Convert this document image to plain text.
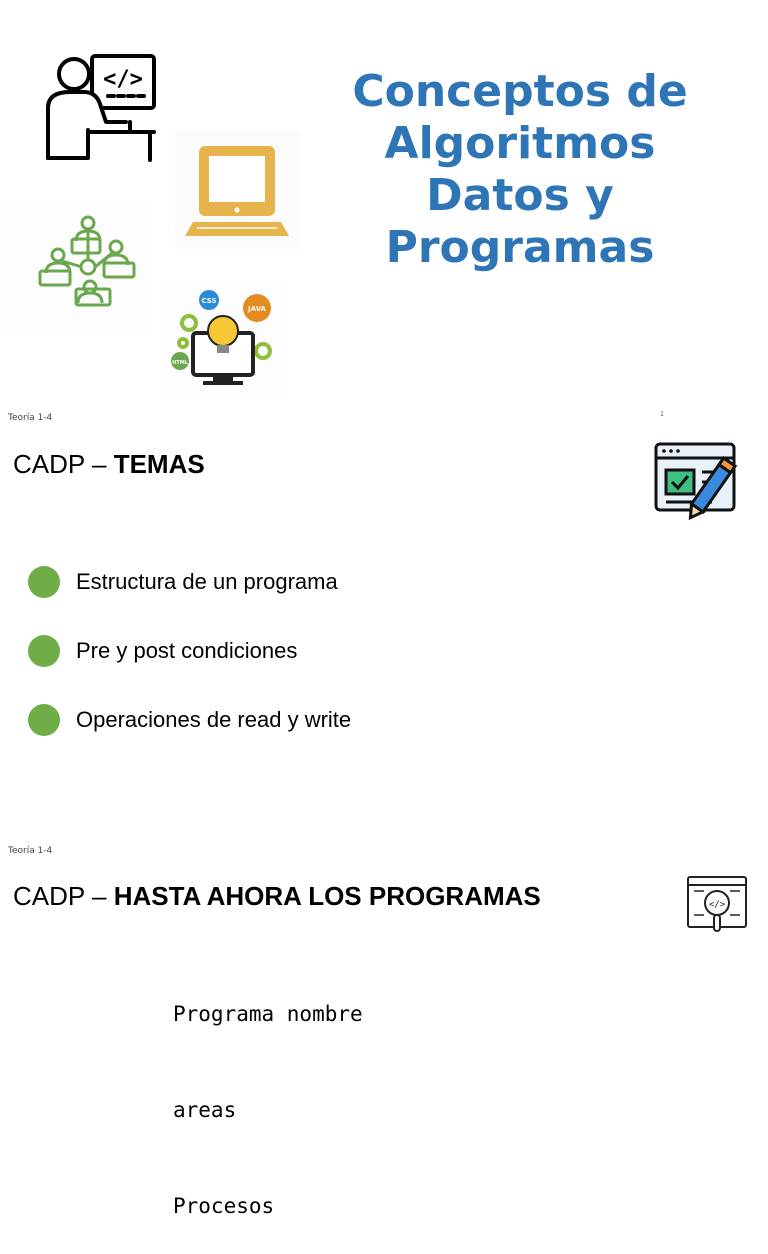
</>
CSS
JAVA
HTML
Conceptos de
Algoritmos
Datos y
Programas
Teoría 1-4	1
CADP – TEMAS
Estructura de un programa
Pre y post condiciones
Operaciones de read y write
Teoría 1-4
CADP – HASTA AHORA LOS PROGRAMAS	</>

Programa nombre

areas

Procesos
